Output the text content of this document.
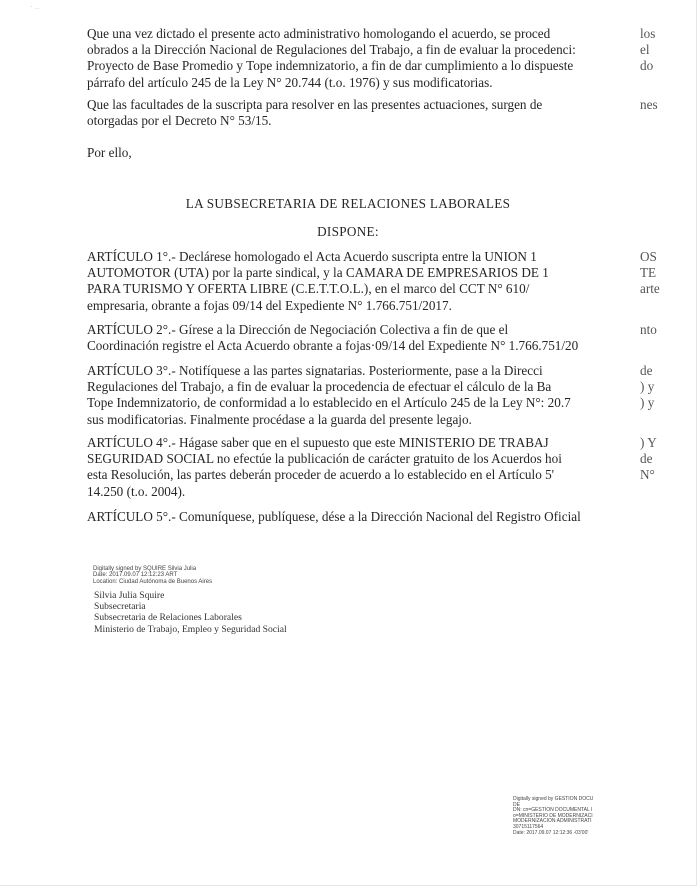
· ..

Que una vez dictado el presente acto administrativo homologando el acuerdo, se proced
obrados a la Dirección Nacional de Regulaciones del Trabajo, a fin de evaluar la procedenci:
Proyecto de Base Promedio y Tope indemnizatorio, a fin de dar cumplimiento a lo dispueste
párrafo del artículo 245 de la Ley N° 20.744 (t.o. 1976) y sus modificatorias.

los
el
do

Que las facultades de la suscripta para resolver en las presentes actuaciones, surgen de
otorgadas por el Decreto N° 53/15.

nes

Por ello,

LA SUBSECRETARIA DE RELACIONES LABORALES
DISPONE:

ARTÍCULO 1°.- Declárese homologado el Acta Acuerdo suscripta entre la UNION 1
AUTOMOTOR (UTA) por la parte sindical, y la CAMARA DE EMPRESARIOS DE 1
PARA TURISMO Y OFERTA LIBRE (C.E.T.T.O.L.), en el marco del CCT N° 610/
empresaria, obrante a fojas 09/14 del Expediente N° 1.766.751/2017.

OS
TE
arte

ARTÍCULO 2°.- Gírese a la Dirección de Negociación Colectiva a fin de que el
Coordinación registre el Acta Acuerdo obrante a fojas·09/14 del Expediente N° 1.766.751/20

nto

ARTÍCULO 3°.- Notifíquese a las partes signatarias. Posteriormente, pase a la Direcci
Regulaciones del Trabajo, a fin de evaluar la procedencia de efectuar el cálculo de la Ba
Tope Indemnizatorio, de conformidad a lo establecido en el Artículo 245 de la Ley N°: 20.7
sus modificatorias. Finalmente procédase a la guarda del presente legajo.

de
) y
) y

ARTÍCULO 4°.- Hágase saber que en el supuesto que este MINISTERIO DE TRABAJ
SEGURIDAD SOCIAL no efectúe la publicación de carácter gratuito de los Acuerdos hoi
esta Resolución, las partes deberán proceder de acuerdo a lo establecido en el Artículo 5'
14.250 (t.o. 2004).

) Y
de
N°

ARTÍCULO 5°.- Comuníquese, publíquese, dése a la Dirección Nacional del Registro Oficial

Digitally signed by SQUIRE Silvia Julia
Date: 2017.09.07 12:12:23 ART
Location: Ciudad Autónoma de Buenos Aires
Silvia Julia Squire
Subsecretaria
Subsecretaria de Relaciones Laborales
Ministerio de Trabajo, Empleo y Seguridad Social
Digitally signed by GESTION DOCU
DE
DN: cn=GESTION DOCUMENTAL I
o=MINISTERIO DE MODERNIZACI
MODERNIZACION ADMINISTRATI
30715117564
Date: 2017.09.07 12:12:36 -03'00'
